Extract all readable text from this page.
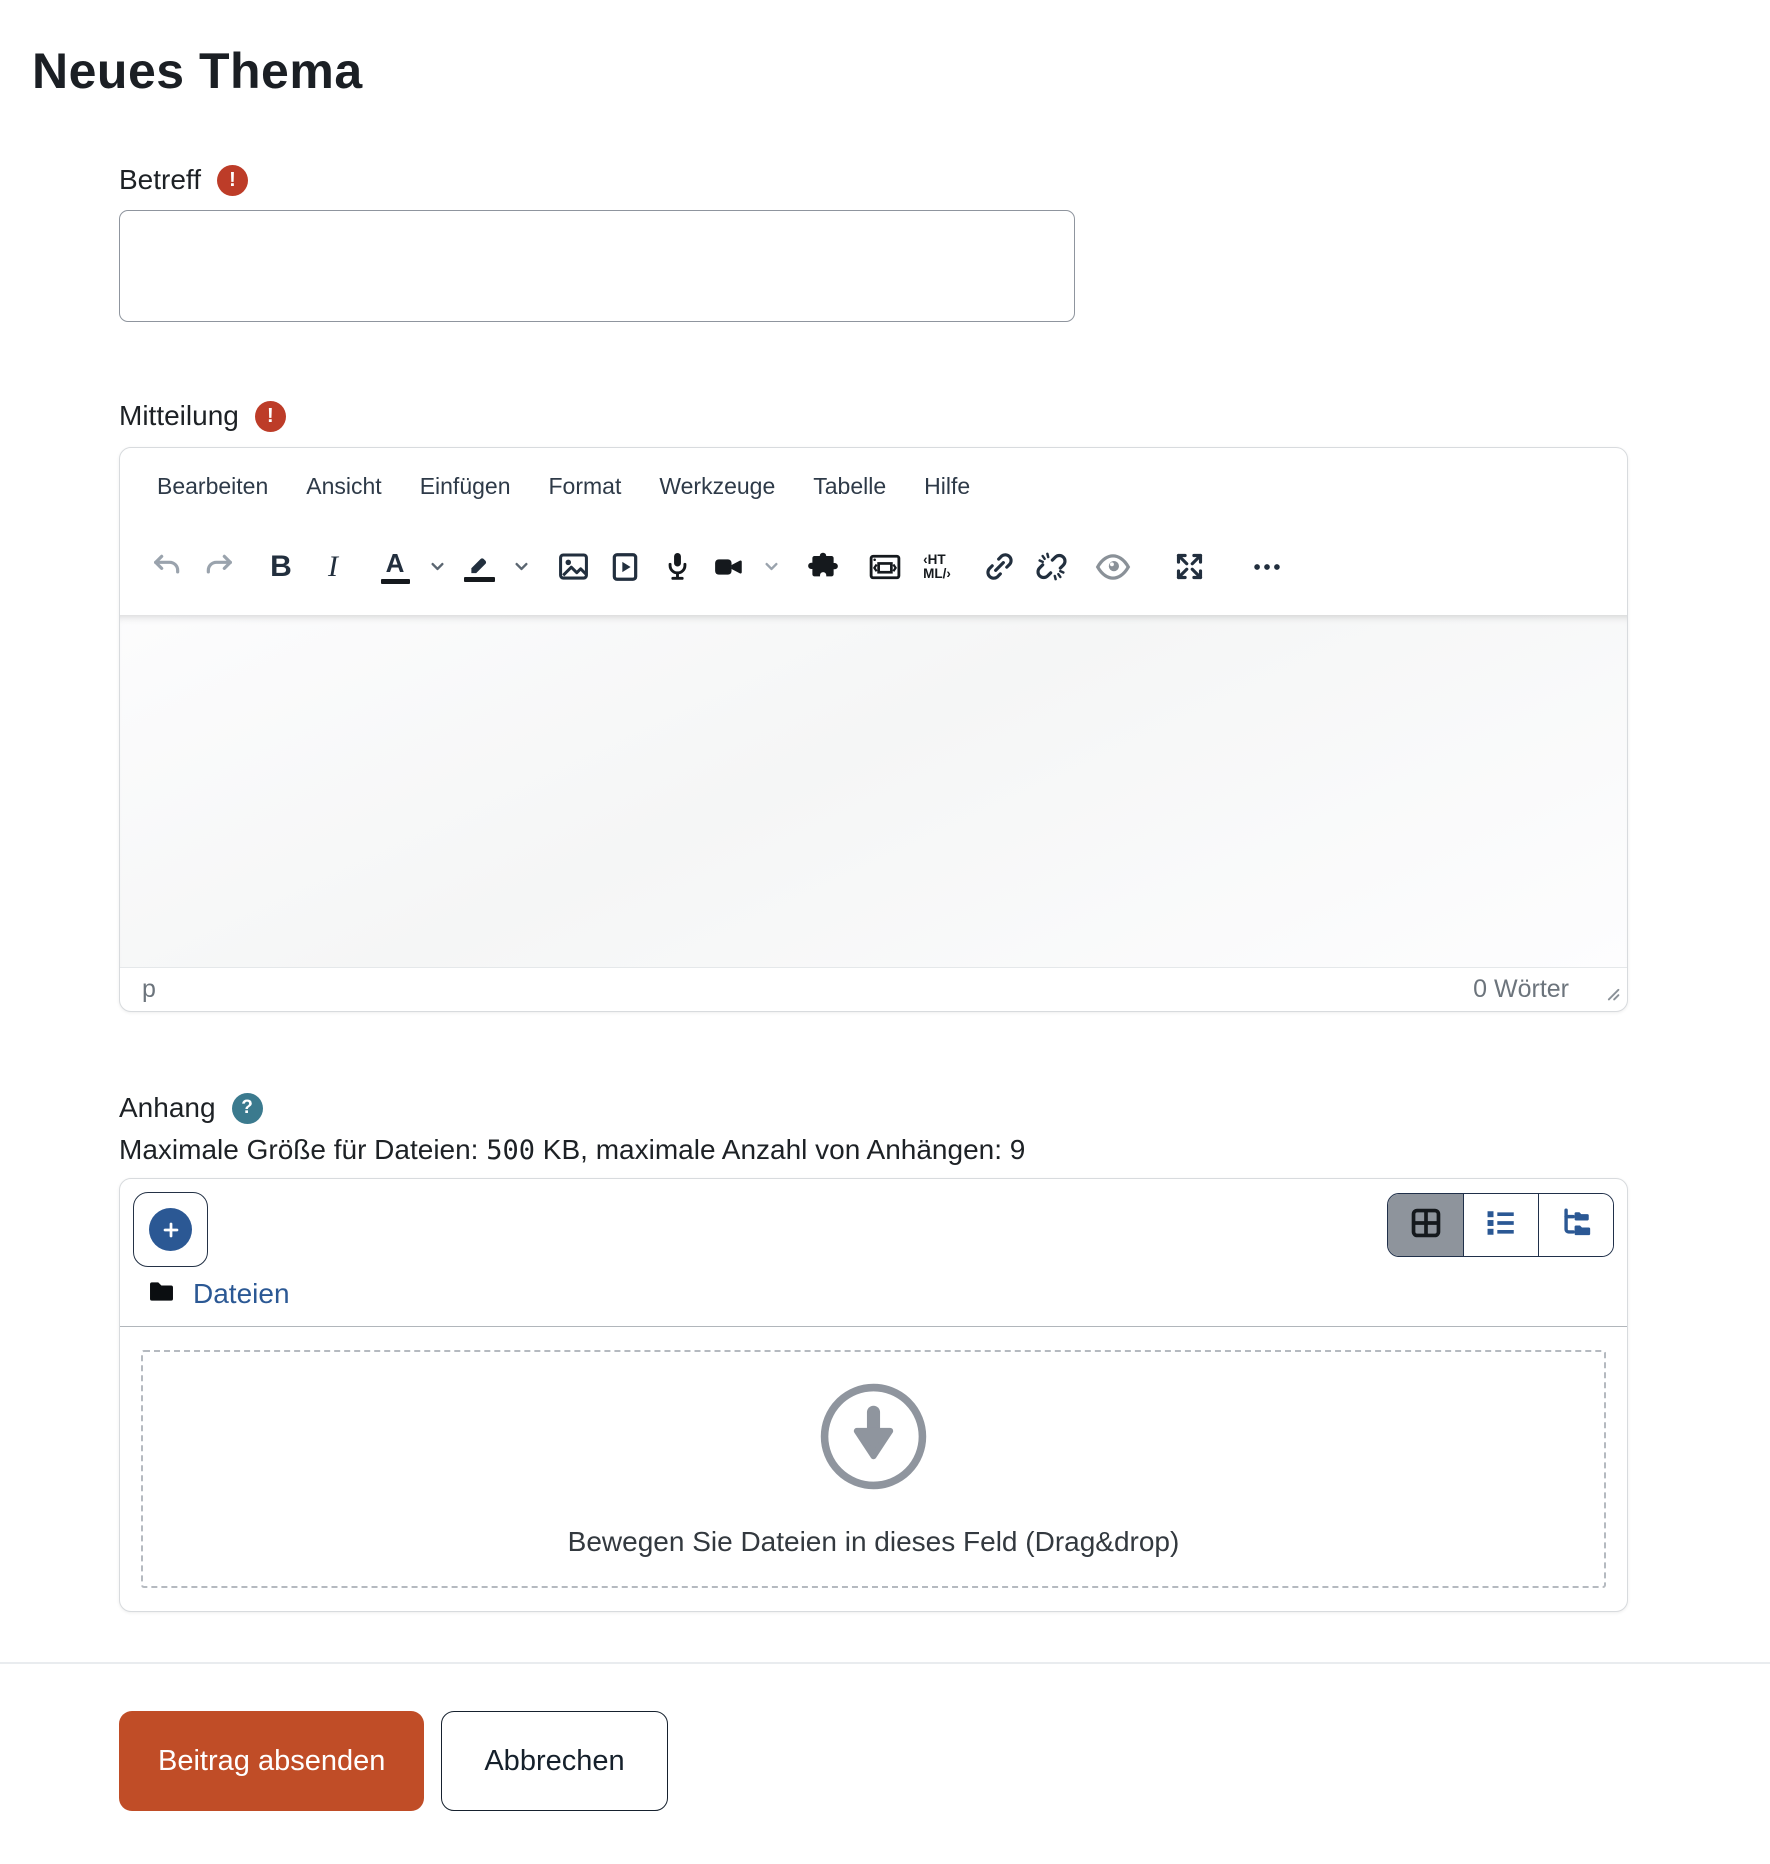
Neues Thema
Betreff	!
Mitteilung	!
Bearbeiten	Ansicht	Einfügen	Format	Werkzeuge	Tabelle	Hilfe
B I A	‹HT
ML/›
p	0 Wörter
Anhang	?
Maximale Größe für Dateien: 500 KB, maximale Anzahl von Anhängen: 9
Dateien
Bewegen Sie Dateien in dieses Feld (Drag&drop)
Beitrag absenden	Abbrechen
